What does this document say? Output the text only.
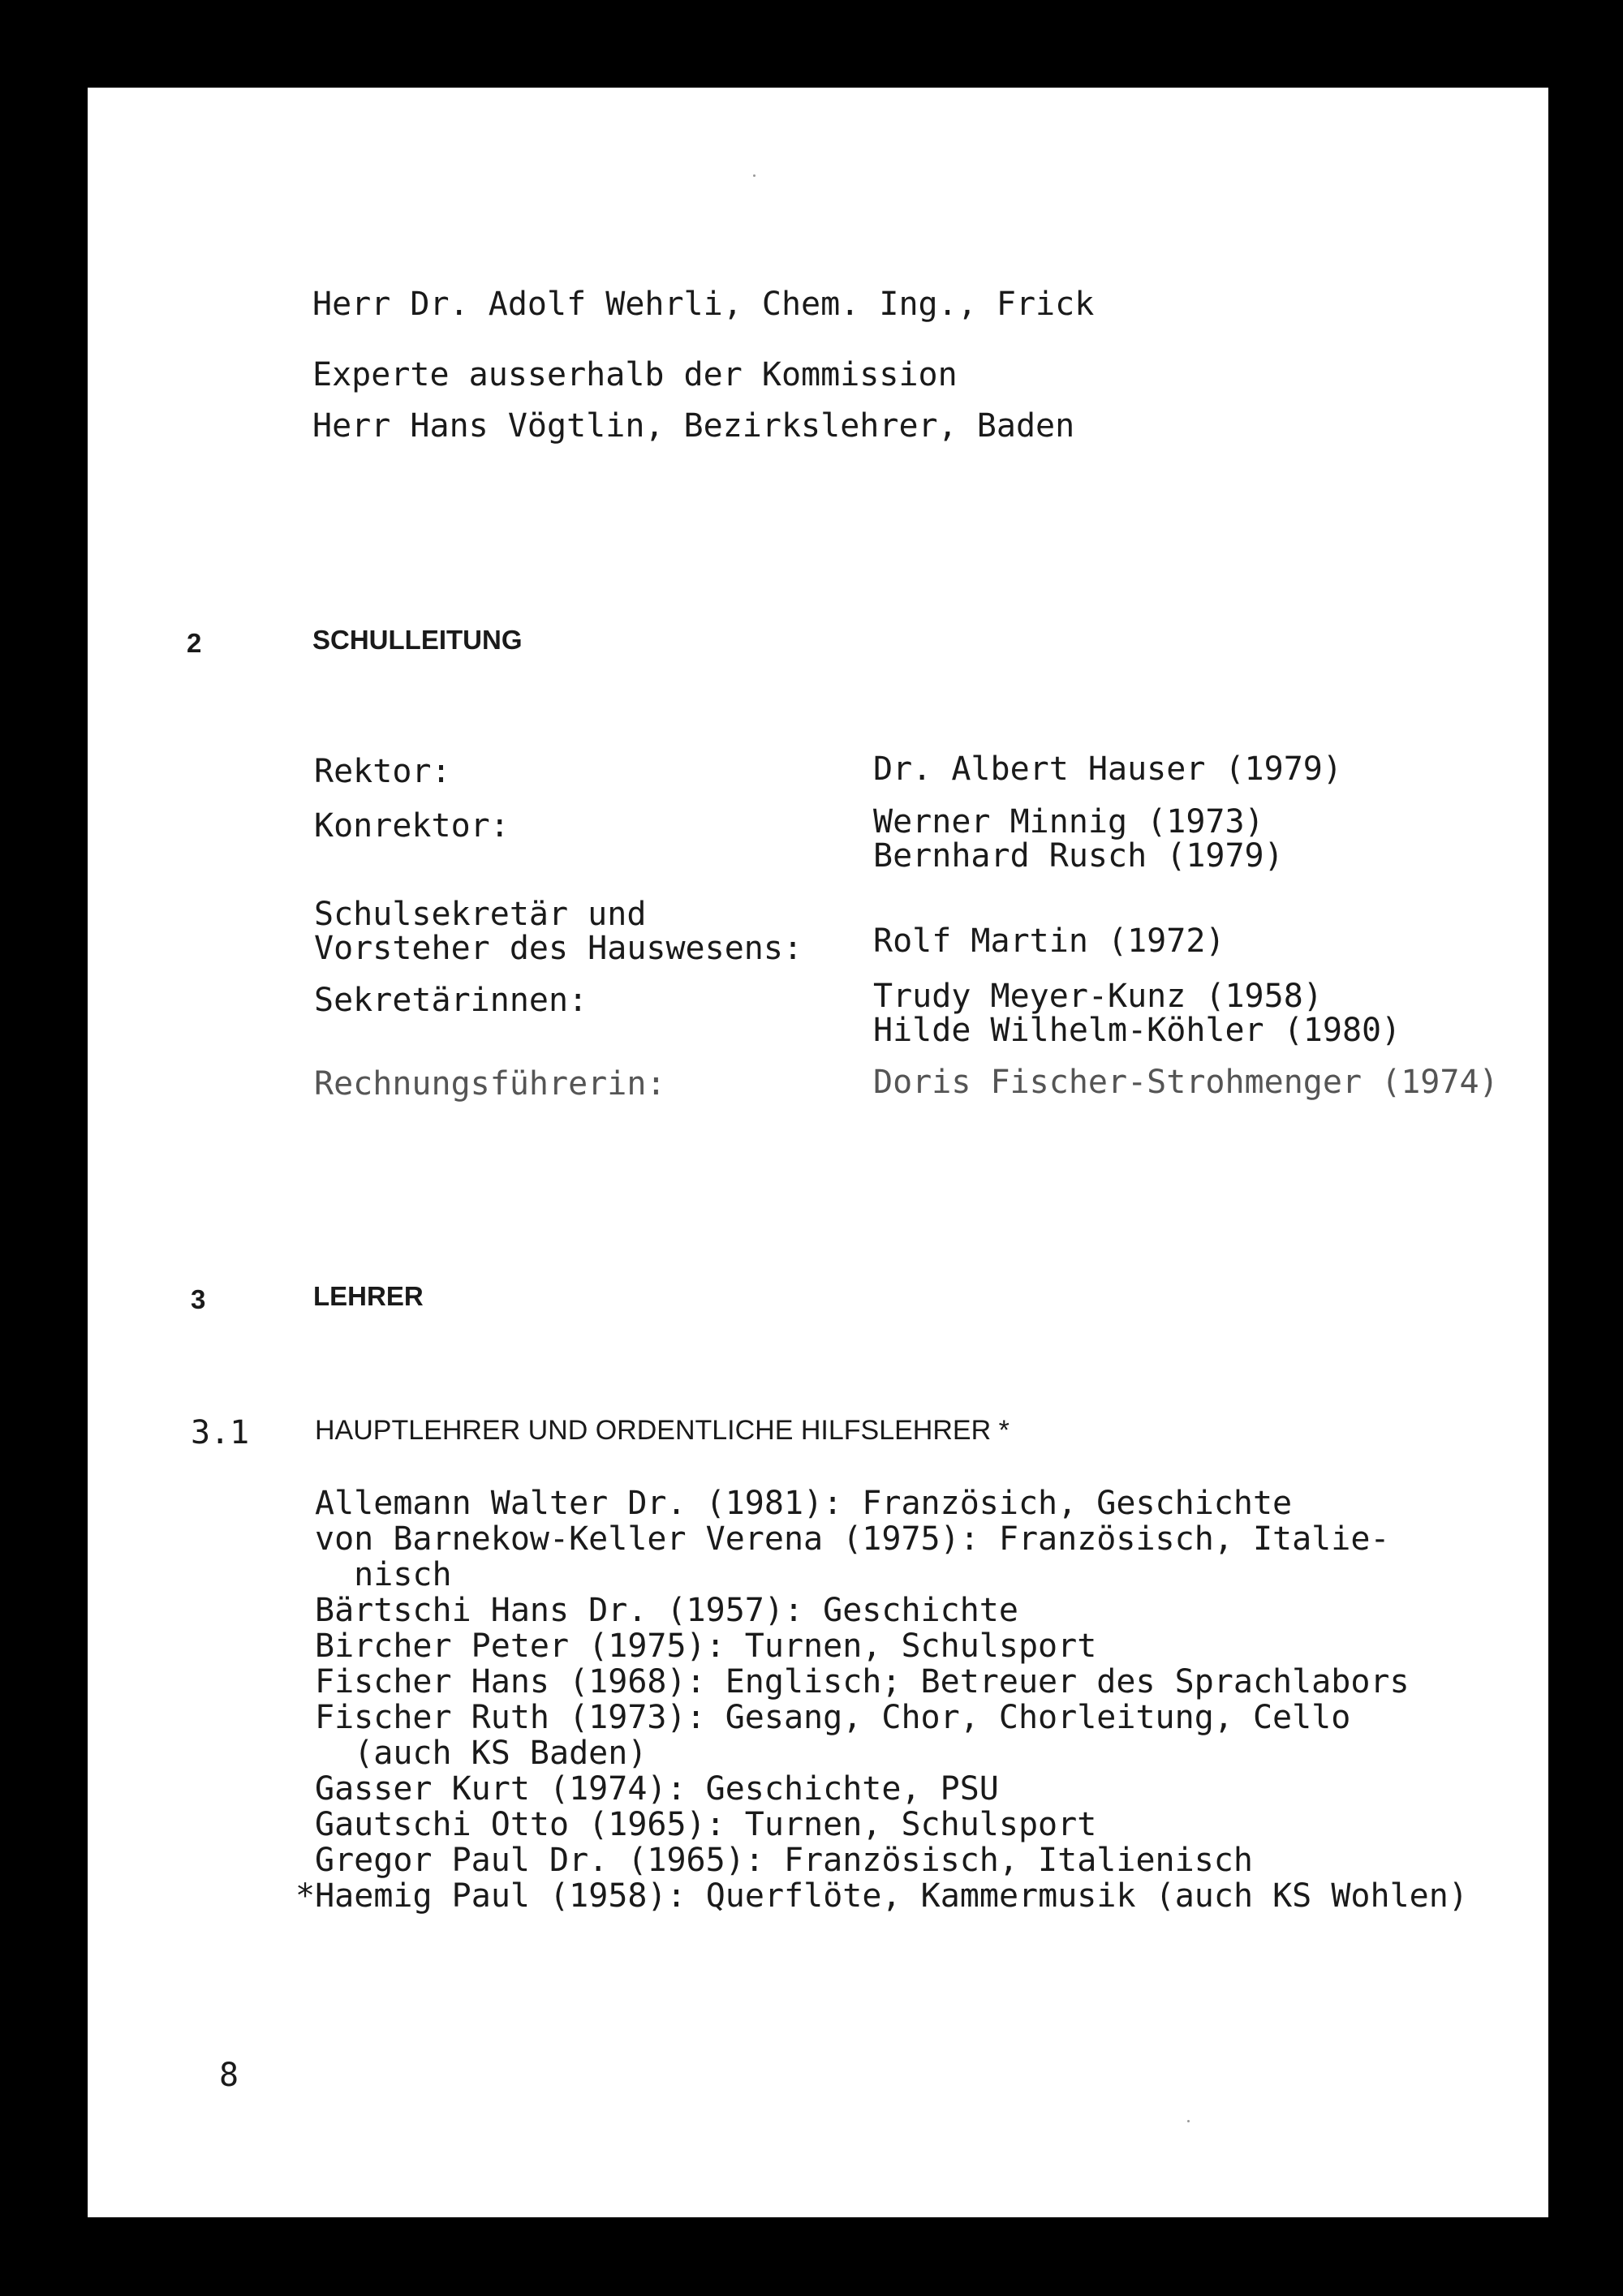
Herr Dr. Adolf Wehrli, Chem. Ing., Frick
Experte ausserhalb der Kommission
Herr Hans Vögtlin, Bezirkslehrer, Baden
2	SCHULLEITUNG
Rektor:	Dr. Albert Hauser (1979)
Konrektor:	Werner Minnig (1973)
Bernhard Rusch (1979)
Schulsekretär und
Vorsteher des Hauswesens: Rolf Martin (1972)
Sekretärinnen:	Trudy Meyer-Kunz (1958)
Hilde Wilhelm-Köhler (1980)
Rechnungsführerin:	Doris Fischer-Strohmenger (1974)
3	LEHRER
3.1 HAUPTLEHRER UND ORDENTLICHE HILFSLEHRER *
Allemann Walter Dr. (1981): Französich, Geschichte
von Barnekow-Keller Verena (1975): Französisch, Italie-
nisch
Bärtschi Hans Dr. (1957): Geschichte
Bircher Peter (1975): Turnen, Schulsport
Fischer Hans (1968): Englisch; Betreuer des Sprachlabors
Fischer Ruth (1973): Gesang, Chor, Chorleitung, Cello
(auch KS Baden)
Gasser Kurt (1974): Geschichte, PSU
Gautschi Otto (1965): Turnen, Schulsport
Gregor Paul Dr. (1965): Französisch, Italienisch
*Haemig Paul (1958): Querflöte, Kammermusik (auch KS Wohlen)
8
